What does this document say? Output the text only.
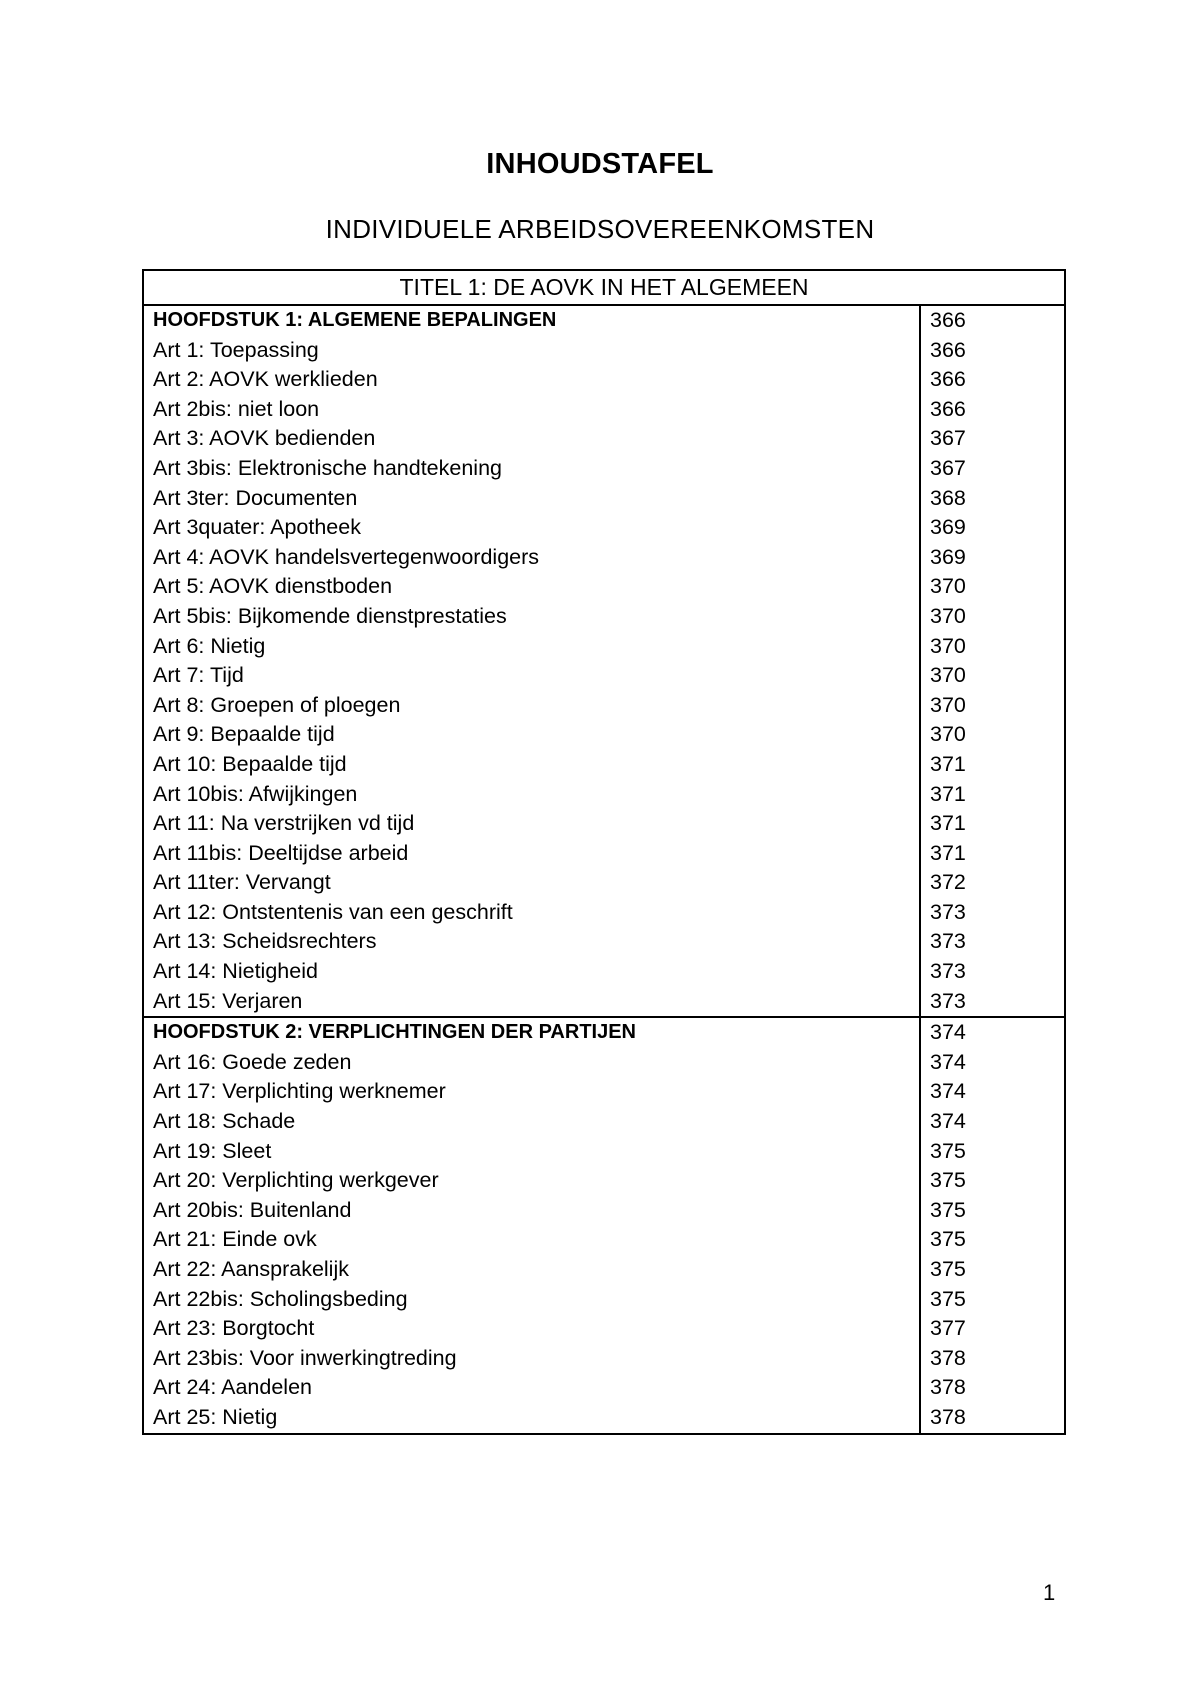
INHOUDSTAFEL
INDIVIDUELE ARBEIDSOVEREENKOMSTEN
TITEL 1: DE AOVK IN HET ALGEMEEN	
HOOFDSTUK 1: ALGEMENE BEPALINGEN	366
Art 1: Toepassing	366
Art 2: AOVK werklieden	366
Art 2bis: niet loon	366
Art 3: AOVK bedienden	367
Art 3bis: Elektronische handtekening	367
Art 3ter: Documenten	368
Art 3quater: Apotheek	369
Art 4: AOVK handelsvertegenwoordigers	369
Art 5: AOVK dienstboden	370
Art 5bis: Bijkomende dienstprestaties	370
Art 6: Nietig	370
Art 7: Tijd	370
Art 8: Groepen of ploegen	370
Art 9: Bepaalde tijd	370
Art 10: Bepaalde tijd	371
Art 10bis: Afwijkingen	371
Art 11: Na verstrijken vd tijd	371
Art 11bis: Deeltijdse arbeid	371
Art 11ter: Vervangt	372
Art 12: Ontstentenis van een geschrift	373
Art 13: Scheidsrechters	373
Art 14: Nietigheid	373
Art 15: Verjaren	373
HOOFDSTUK 2: VERPLICHTINGEN DER PARTIJEN	374
Art 16: Goede zeden	374
Art 17: Verplichting werknemer	374
Art 18: Schade	374
Art 19: Sleet	375
Art 20: Verplichting werkgever	375
Art 20bis: Buitenland	375
Art 21: Einde ovk	375
Art 22: Aansprakelijk	375
Art 22bis: Scholingsbeding	375
Art 23: Borgtocht	377
Art 23bis: Voor inwerkingtreding	378
Art 24: Aandelen	378
Art 25: Nietig	378
1
